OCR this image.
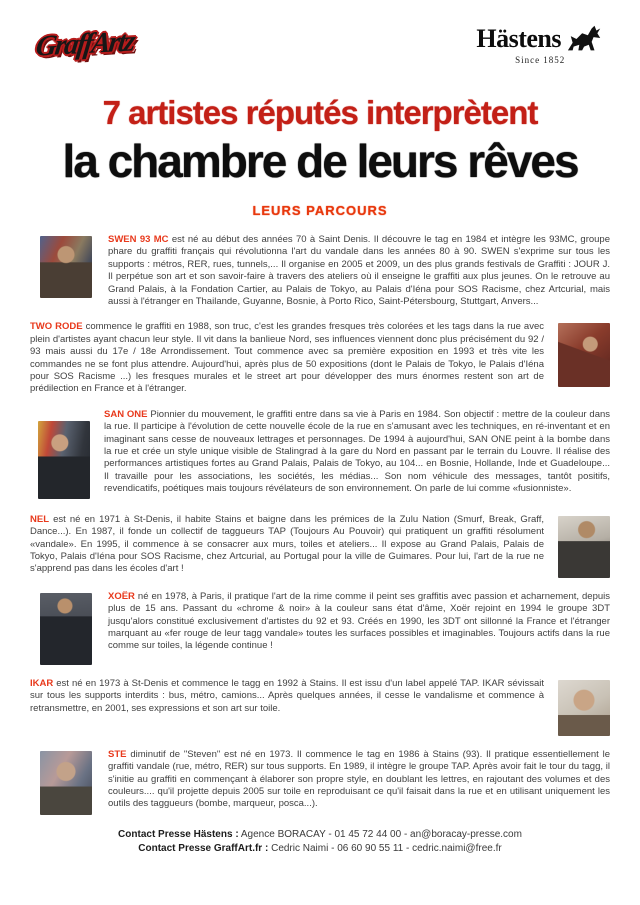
GraffArtz	Hästens
Since 1852
7 artistes réputés interprètent
la chambre de leurs rêves
LEURS PARCOURS
SWEN 93 MC est né au début des années 70 à Saint Denis. Il découvre le tag en 1984 et intègre les 93MC, groupe phare du graffiti français qui révolutionna l'art du vandale dans les années 80 à 90. SWEN s'exprime sur tous les supports : métros, RER, rues, tunnels,... Il organise en 2005 et 2009, un des plus grands festivals de Graffiti : JOUR J. Il perpétue son art et son savoir-faire à travers des ateliers où il enseigne le graffiti aux plus jeunes. On le retrouve au Grand Palais, à la Fondation Cartier, au Palais de Tokyo, au Palais d'Iéna pour SOS Racisme, chez Artcurial, mais aussi à l'étranger en Thailande, Guyanne, Bosnie, à Porto Rico, Saint-Pétersbourg, Stuttgart, Anvers...
TWO RODE commence le graffiti en 1988, son truc, c'est les grandes fresques très colorées et les tags dans la rue avec plein d'artistes ayant chacun leur style. Il vit dans la banlieue Nord, ses influences viennent donc plus précisément du 92 / 93 mais aussi du 17e / 18e Arrondissement. Tout commence avec sa première exposition en 1993 et très vite les commandes ne se font plus attendre. Aujourd'hui, après plus de 50 expositions (dont le Palais de Tokyo, le Palais d'Iéna pour SOS Racisme ...) les fresques murales et le street art pour développer des murs énormes restent son art de prédilection en France et à l'étranger.
SAN ONE Pionnier du mouvement, le graffiti entre dans sa vie à Paris en 1984. Son objectif : mettre de la couleur dans la rue. Il participe à l'évolution de cette nouvelle école de la rue en s'amusant avec les techniques, en ré-inventant et en imaginant sans cesse de nouveaux lettrages et personnages. De 1994 à aujourd'hui, SAN ONE peint à la bombe dans la rue et crée un style unique visible de Stalingrad à la gare du Nord en passant par le terrain du Louvre. Il réalise des performances artistiques fortes au Grand Palais, Palais de Tokyo, au 104... en Bosnie, Hollande, Inde et Guadeloupe... Il travaille pour les associations, les sociétés, les médias... Son nom véhicule des messages, tantôt positifs, revendicatifs, poétiques mais toujours révélateurs de son environnement. On parle de lui comme «fusionniste».
NEL est né en 1971 à St-Denis, il habite Stains et baigne dans les prémices de la Zulu Nation (Smurf, Break, Graff, Dance...). En 1987, il fonde un collectif de taggueurs TAP (Toujours Au Pouvoir) qui pratiquent un graffiti résolument «vandale». En 1995, il commence à se consacrer aux murs, toiles et ateliers... Il expose au Grand Palais, Palais de Tokyo, Palais d'Iéna pour SOS Racisme, chez Artcurial, au Portugal pour la ville de Guimares. Pour lui, l'art de la rue ne s'apprend pas dans les écoles d'art !
XOËR né en 1978, à Paris, il pratique l'art de la rime comme il peint ses graffitis avec passion et acharnement, depuis plus de 15 ans. Passant du «chrome & noir» à la couleur sans état d'âme, Xoër rejoint en 1994 le groupe 3DT jusqu'alors constitué exclusivement d'artistes du 92 et 93. Créés en 1990, les 3DT ont sillonné la France et l'étranger marquant au «fer rouge de leur tagg vandale» toutes les surfaces possibles et imaginables. Toujours actifs dans la rue comme sur toiles, la légende continue !
IKAR est né en 1973 à St-Denis et commence le tagg en 1992 à Stains. Il est issu d'un label appelé TAP. IKAR sévissait sur tous les supports interdits : bus, métro, camions... Après quelques années, il cesse le vandalisme et commence à retransmettre, en 2001, ses expressions et son art sur toile.
STE diminutif de "Steven" est né en 1973. Il commence le tag en 1986 à Stains (93). Il pratique essentiellement le graffiti vandale (rue, métro, RER) sur tous supports. En 1989, il intègre le groupe TAP. Après avoir fait le tour du tagg, il s'initie au graffiti en commençant à élaborer son propre style, en doublant les lettres, en rajoutant des volumes et des couleurs.... qu'il projette depuis 2005 sur toile en reproduisant ce qu'il faisait dans la rue et en utilisant uniquement les outils des taggueurs (bombe, marqueur, posca...).
Contact Presse Hästens : Agence BORACAY - 01 45 72 44 00 - an@boracay-presse.com
Contact Presse GraffArt.fr : Cedric Naimi - 06 60 90 55 11 - cedric.naimi@free.fr
